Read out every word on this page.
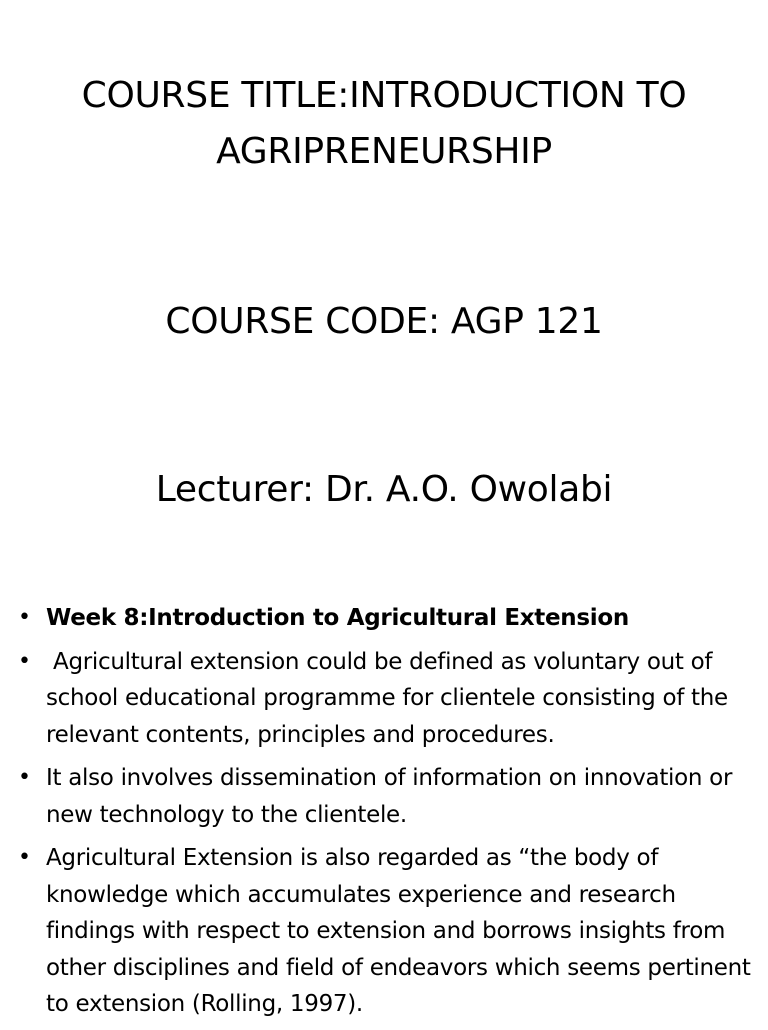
COURSE TITLE:INTRODUCTION TO
AGRIPRENEURSHIP
COURSE CODE: AGP 121
Lecturer: Dr. A.O. Owolabi
• Week 8:Introduction to Agricultural Extension
• Agricultural extension could be defined as voluntary out of school educational programme for clientele consisting of the relevant contents, principles and procedures.
• It also involves dissemination of information on innovation or new technology to the clientele.
• Agricultural Extension is also regarded as “the body of knowledge which accumulates experience and research findings with respect to extension and borrows insights from other disciplines and field of endeavors which seems pertinent to extension (Rolling, 1997).
